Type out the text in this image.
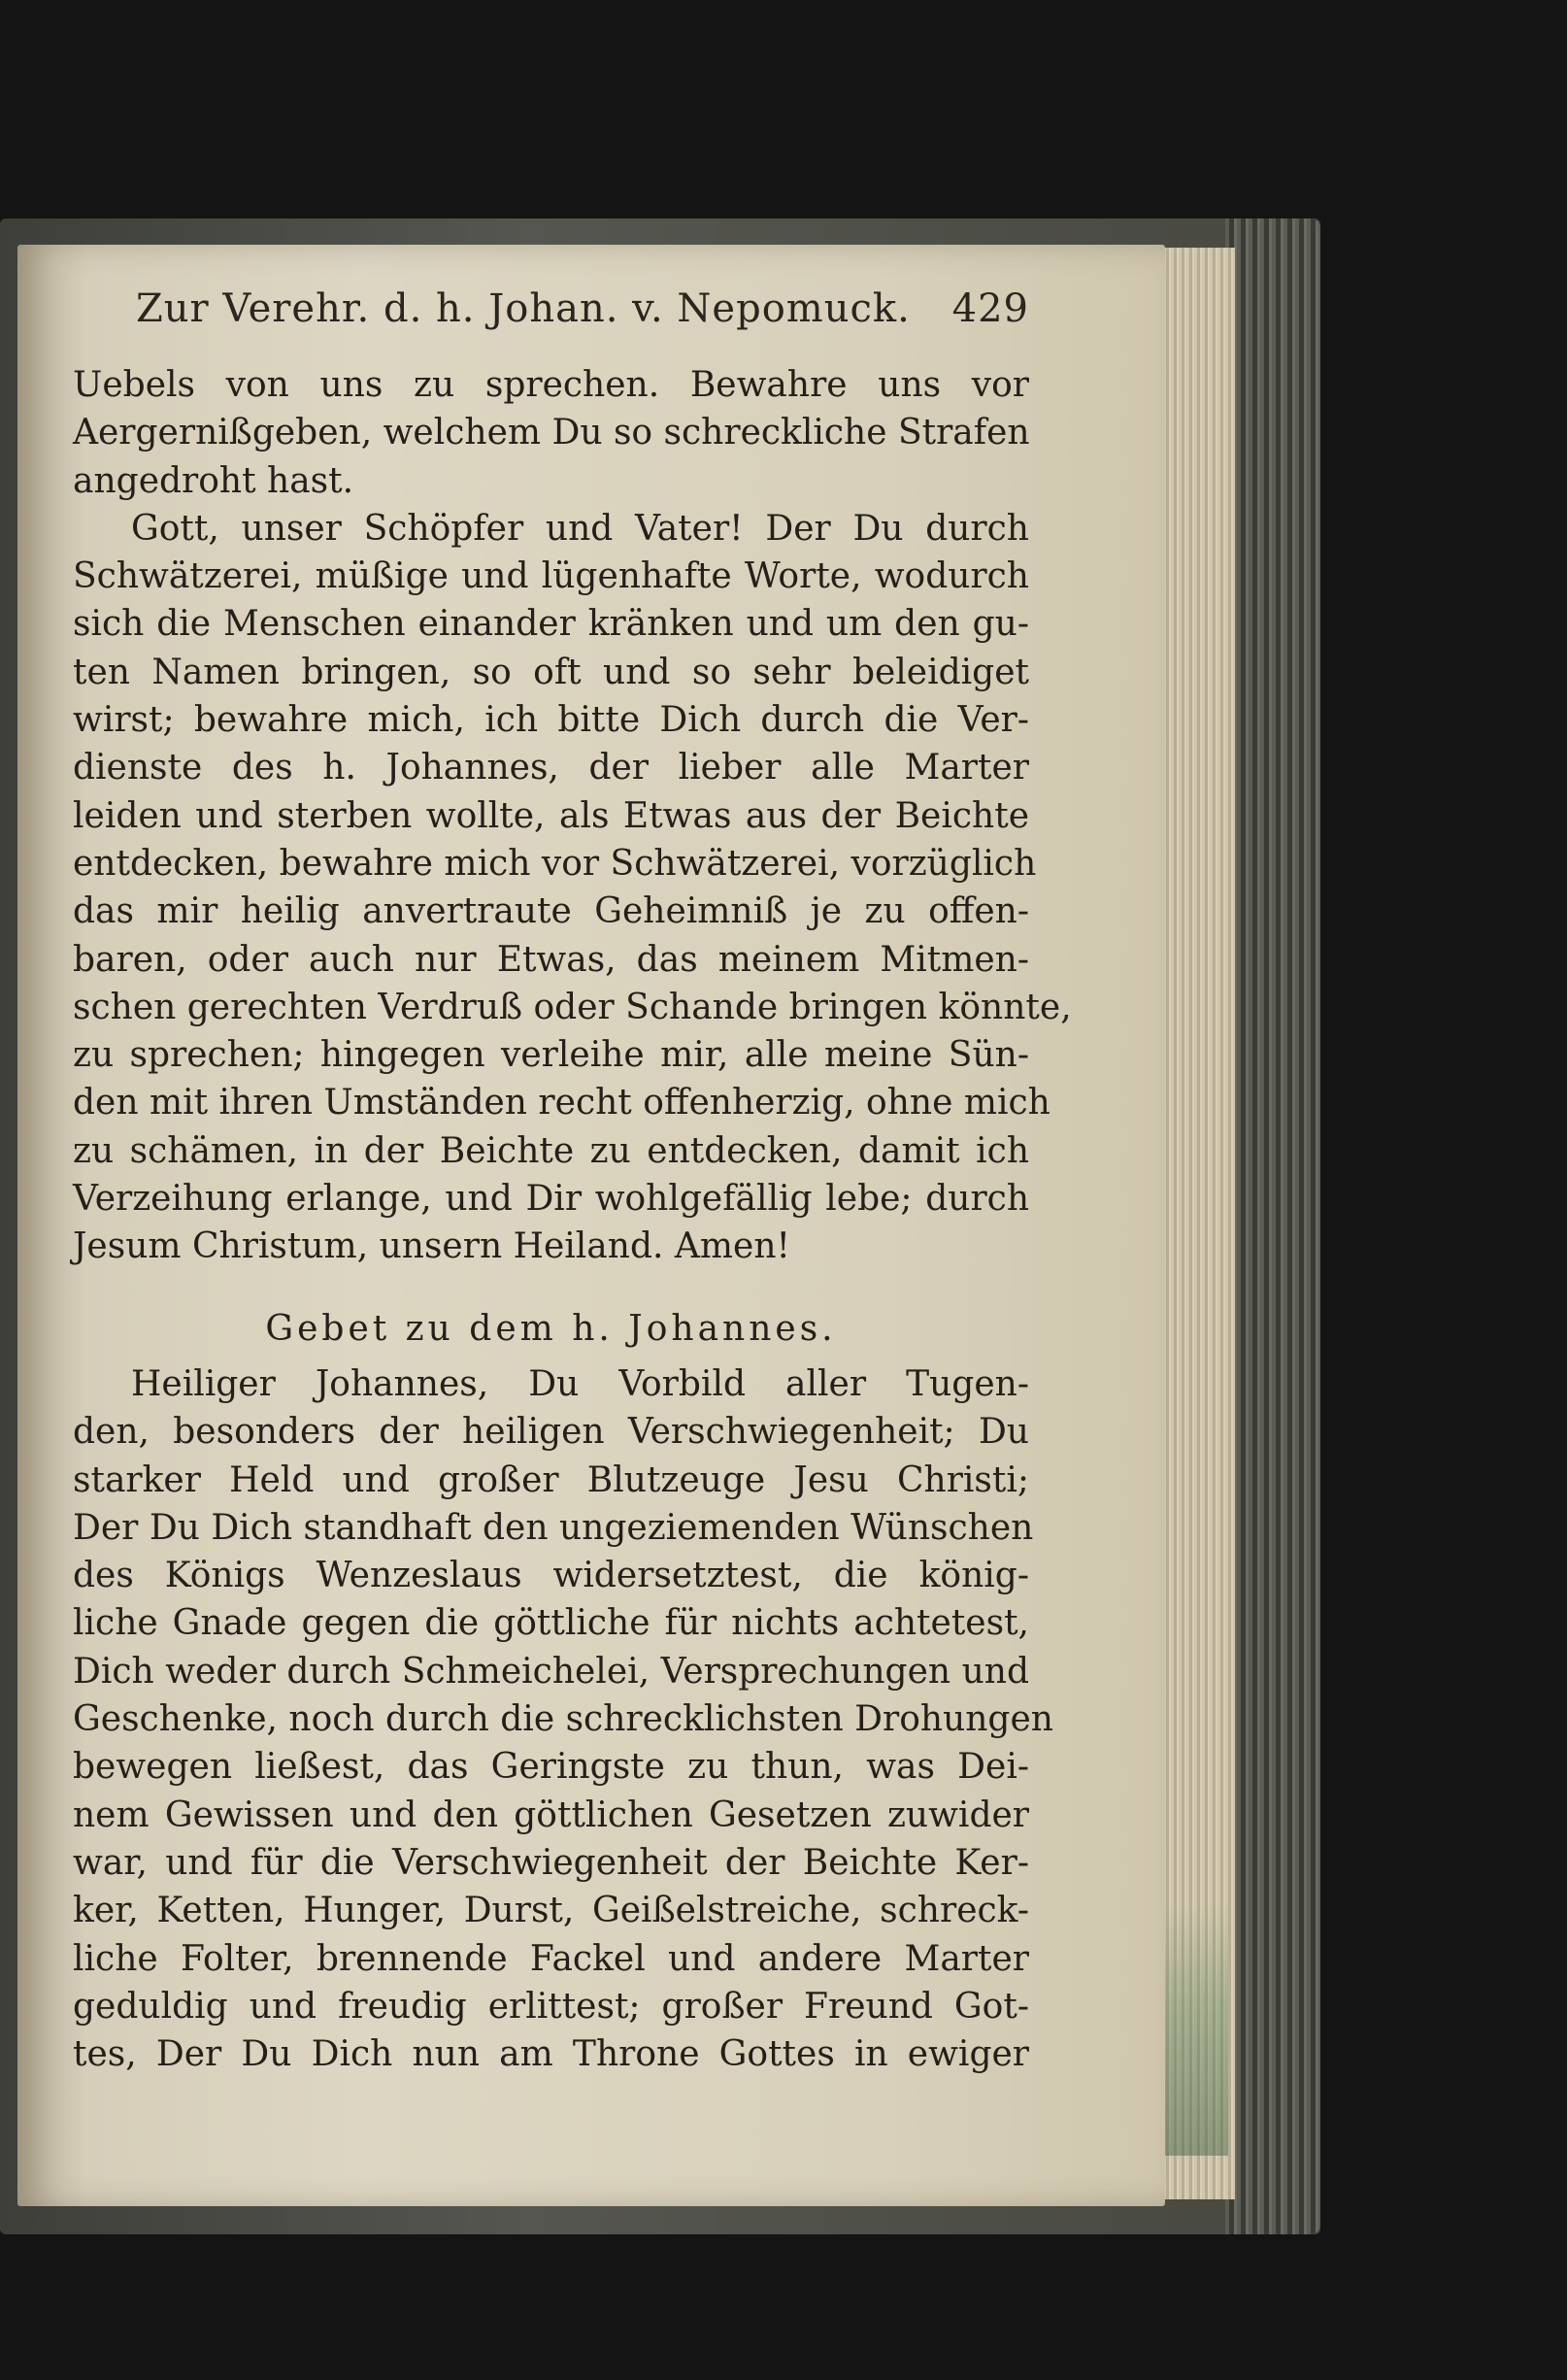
Zur Verehr. d. h. Johan. v. Nepomuck. 429
Uebels von uns zu sprechen. Bewahre uns vor
Aergernißgeben, welchem Du so schreckliche Strafen
angedroht hast.
Gott, unser Schöpfer und Vater! Der Du durch
Schwätzerei, müßige und lügenhafte Worte, wodurch
sich die Menschen einander kränken und um den gu-
ten Namen bringen, so oft und so sehr beleidiget
wirst; bewahre mich, ich bitte Dich durch die Ver-
dienste des h. Johannes, der lieber alle Marter
leiden und sterben wollte, als Etwas aus der Beichte
entdecken, bewahre mich vor Schwätzerei, vorzüglich
das mir heilig anvertraute Geheimniß je zu offen-
baren, oder auch nur Etwas, das meinem Mitmen-
schen gerechten Verdruß oder Schande bringen könnte,
zu sprechen; hingegen verleihe mir, alle meine Sün-
den mit ihren Umständen recht offenherzig, ohne mich
zu schämen, in der Beichte zu entdecken, damit ich
Verzeihung erlange, und Dir wohlgefällig lebe; durch
Jesum Christum, unsern Heiland. Amen!
Gebet zu dem h. Johannes.
Heiliger Johannes, Du Vorbild aller Tugen-
den, besonders der heiligen Verschwiegenheit; Du
starker Held und großer Blutzeuge Jesu Christi;
Der Du Dich standhaft den ungeziemenden Wünschen
des Königs Wenzeslaus widersetztest, die könig-
liche Gnade gegen die göttliche für nichts achtetest,
Dich weder durch Schmeichelei, Versprechungen und
Geschenke, noch durch die schrecklichsten Drohungen
bewegen ließest, das Geringste zu thun, was Dei-
nem Gewissen und den göttlichen Gesetzen zuwider
war, und für die Verschwiegenheit der Beichte Ker-
ker, Ketten, Hunger, Durst, Geißelstreiche, schreck-
liche Folter, brennende Fackel und andere Marter
geduldig und freudig erlittest; großer Freund Got-
tes, Der Du Dich nun am Throne Gottes in ewiger
